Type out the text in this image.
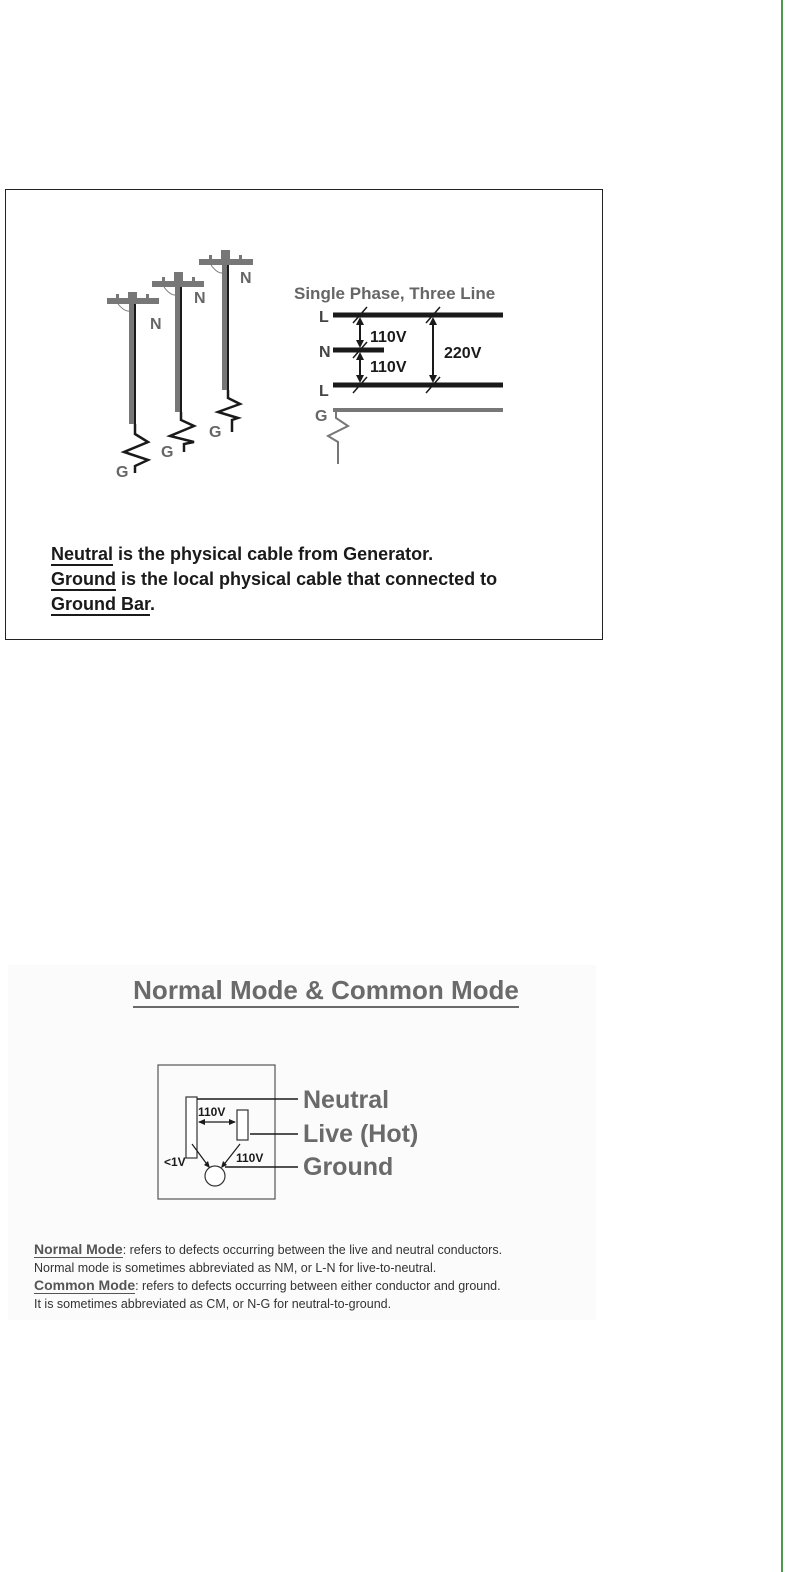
N
N
N
G
G
G
Single Phase, Three Line
L
N
L
G
110V
110V
220V
Neutral is the physical cable from Generator.
Ground is the local physical cable that connected to
Ground Bar.
Normal Mode & Common Mode
110V
110V
<1V
Neutral
Live (Hot)
Ground
Normal Mode: refers to defects occurring between the live and neutral conductors.
Normal mode is sometimes abbreviated as NM, or L-N for live-to-neutral.
Common Mode: refers to defects occurring between either conductor and ground.
It is sometimes abbreviated as CM, or N-G for neutral-to-ground.
